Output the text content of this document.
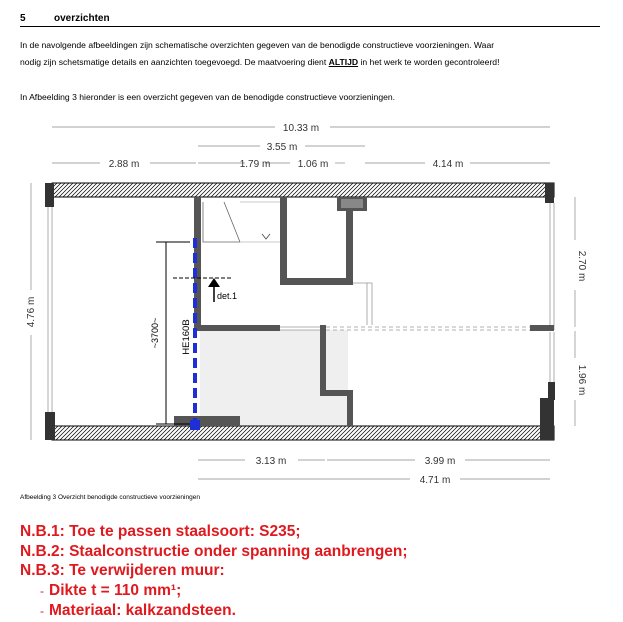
5	overzichten
In de navolgende afbeeldingen zijn schematische overzichten gegeven van de benodigde constructieve voorzieningen. Waar
nodig zijn schetsmatige details en aanzichten toegevoegd. De maatvoering dient ALTIJD in het werk te worden gecontroleerd!
In Afbeelding 3 hieronder is een overzicht gegeven van de benodigde constructieve voorzieningen.
~3700~ HE160B
det.1
10.33 m
3.55 m
2.88 m	1.79 m	1.06 m	4.14 m
3.13 m	3.99 m
4.71 m
4.76 m
2.70 m
1.96 m
Afbeelding 3 Overzicht benodigde constructieve voorzieningen
N.B.1: Toe te passen staalsoort: S235;
N.B.2: Staalconstructie onder spanning aanbrengen;
N.B.3: Te verwijderen muur:
- Dikte t = 110 mm¹;
- Materiaal: kalkzandsteen.
